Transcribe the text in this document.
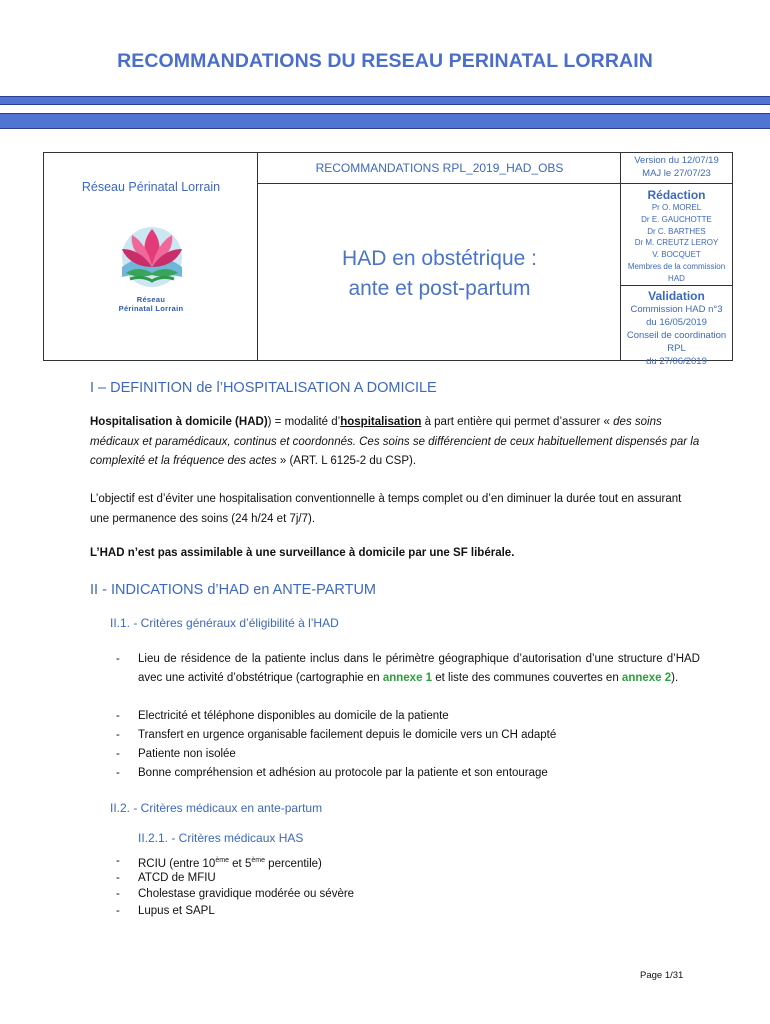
RECOMMANDATIONS DU RESEAU PERINATAL LORRAIN
Réseau Périnatal Lorrain
Réseau
Périnatal Lorrain
RECOMMANDATIONS RPL_2019_HAD_OBS
HAD en obstétrique :
ante et post-partum
Version du 12/07/19
MAJ le 27/07/23
Rédaction
Pr O. MOREL
Dr E. GAUCHOTTE
Dr C. BARTHES
Dr M. CREUTZ LEROY
V. BOCQUET
Membres de la commission HAD
Validation
Commission HAD n°3
du 16/05/2019
Conseil de coordination RPL
du 27/06/2019
I – DEFINITION de l’HOSPITALISATION A DOMICILE
Hospitalisation à domicile (HAD)) = modalité d’hospitalisation à part entière qui permet d’assurer « des soins médicaux et paramédicaux, continus et coordonnés. Ces soins se différencient de ceux habituellement dispensés par la complexité et la fréquence des actes » (ART. L 6125-2 du CSP).
L’objectif est d’éviter une hospitalisation conventionnelle à temps complet ou d’en diminuer la durée tout en assurant une permanence des soins (24 h/24 et 7j/7).
L’HAD n’est pas assimilable à une surveillance à domicile par une SF libérale.
II - INDICATIONS d’HAD en ANTE-PARTUM
II.1. - Critères généraux d’éligibilité à l’HAD
- Lieu de résidence de la patiente inclus dans le périmètre géographique d’autorisation d’une structure d’HAD avec une activité d’obstétrique (cartographie en annexe 1 et liste des communes couvertes en annexe 2).
- Electricité et téléphone disponibles au domicile de la patiente
- Transfert en urgence organisable facilement depuis le domicile vers un CH adapté
- Patiente non isolée
- Bonne compréhension et adhésion au protocole par la patiente et son entourage
II.2. - Critères médicaux en ante-partum
II.2.1. - Critères médicaux HAS
- RCIU (entre 10ème et 5ème percentile)
- ATCD de MFIU
- Cholestase gravidique modérée ou sévère
- Lupus et SAPL
Page 1/31
